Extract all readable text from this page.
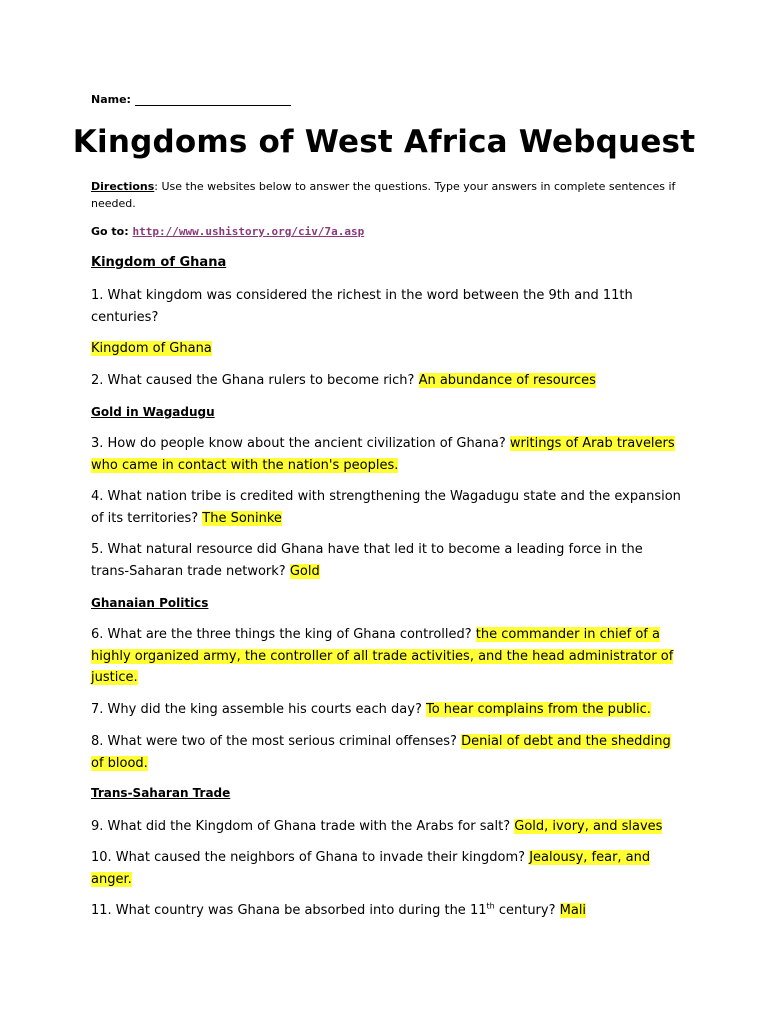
Name:
Kingdoms of West Africa Webquest
Directions: Use the websites below to answer the questions. Type your answers in complete sentences if needed.
Go to: http://www.ushistory.org/civ/7a.asp
Kingdom of Ghana
1. What kingdom was considered the richest in the word between the 9th and 11th centuries?
Kingdom of Ghana
2. What caused the Ghana rulers to become rich? An abundance of resources
Gold in Wagadugu
3. How do people know about the ancient civilization of Ghana? writings of Arab travelers who came in contact with the nation's peoples.
4. What nation tribe is credited with strengthening the Wagadugu state and the expansion of its territories? The Soninke
5. What natural resource did Ghana have that led it to become a leading force in the trans-Saharan trade network? Gold
Ghanaian Politics
6. What are the three things the king of Ghana controlled? the commander in chief of a highly organized army, the controller of all trade activities, and the head administrator of justice.
7. Why did the king assemble his courts each day? To hear complains from the public.
8. What were two of the most serious criminal offenses? Denial of debt and the shedding of blood.
Trans-Saharan Trade
9. What did the Kingdom of Ghana trade with the Arabs for salt? Gold, ivory, and slaves
10. What caused the neighbors of Ghana to invade their kingdom? Jealousy, fear, and anger.
11. What country was Ghana be absorbed into during the 11th century? Mali
